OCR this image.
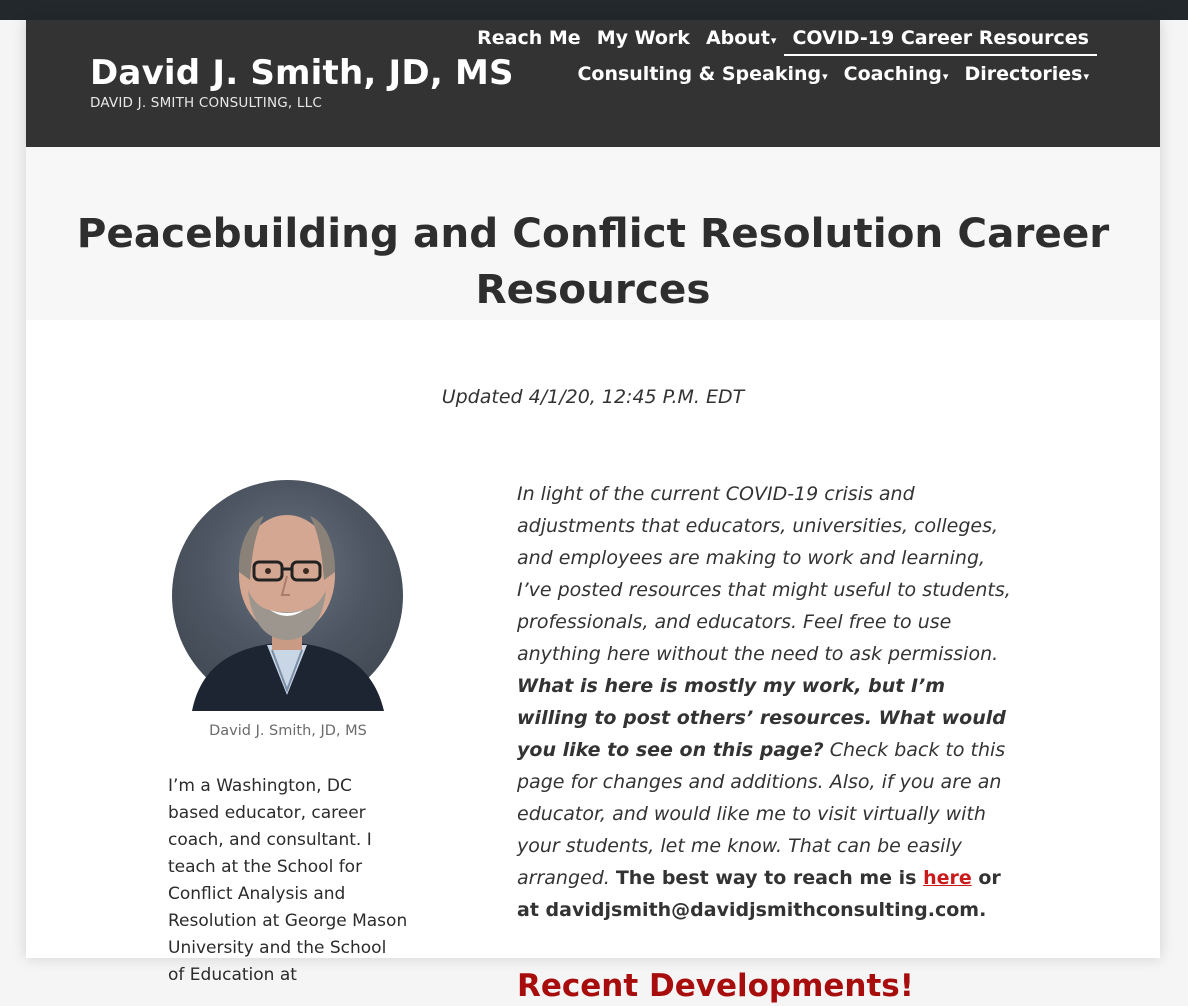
David J. Smith, JD, MS
DAVID J. SMITH CONSULTING, LLC
Reach Me My Work About▾ COVID-19 Career Resources
Consulting & Speaking▾ Coaching▾ Directories▾
Peacebuilding and Conflict Resolution Career Resources
Updated 4/1/20, 12:45 P.M. EDT
David J. Smith, JD, MS
I’m a Washington, DC based educator, career coach, and consultant. I teach at the School for Conflict Analysis and Resolution at George Mason University and the School of Education at

In light of the current COVID-19 crisis and adjustments that educators, universities, colleges, and employees are making to work and learning, I’ve posted resources that might useful to students, professionals, and educators. Feel free to use anything here without the need to ask permission. What is here is mostly my work, but I’m willing to post others’ resources. What would you like to see on this page? Check back to this page for changes and additions. Also, if you are an educator, and would like me to visit virtually with your students, let me know. That can be easily arranged. The best way to reach me is here or at davidjsmith@davidjsmithconsulting.com.

Recent Developments!
